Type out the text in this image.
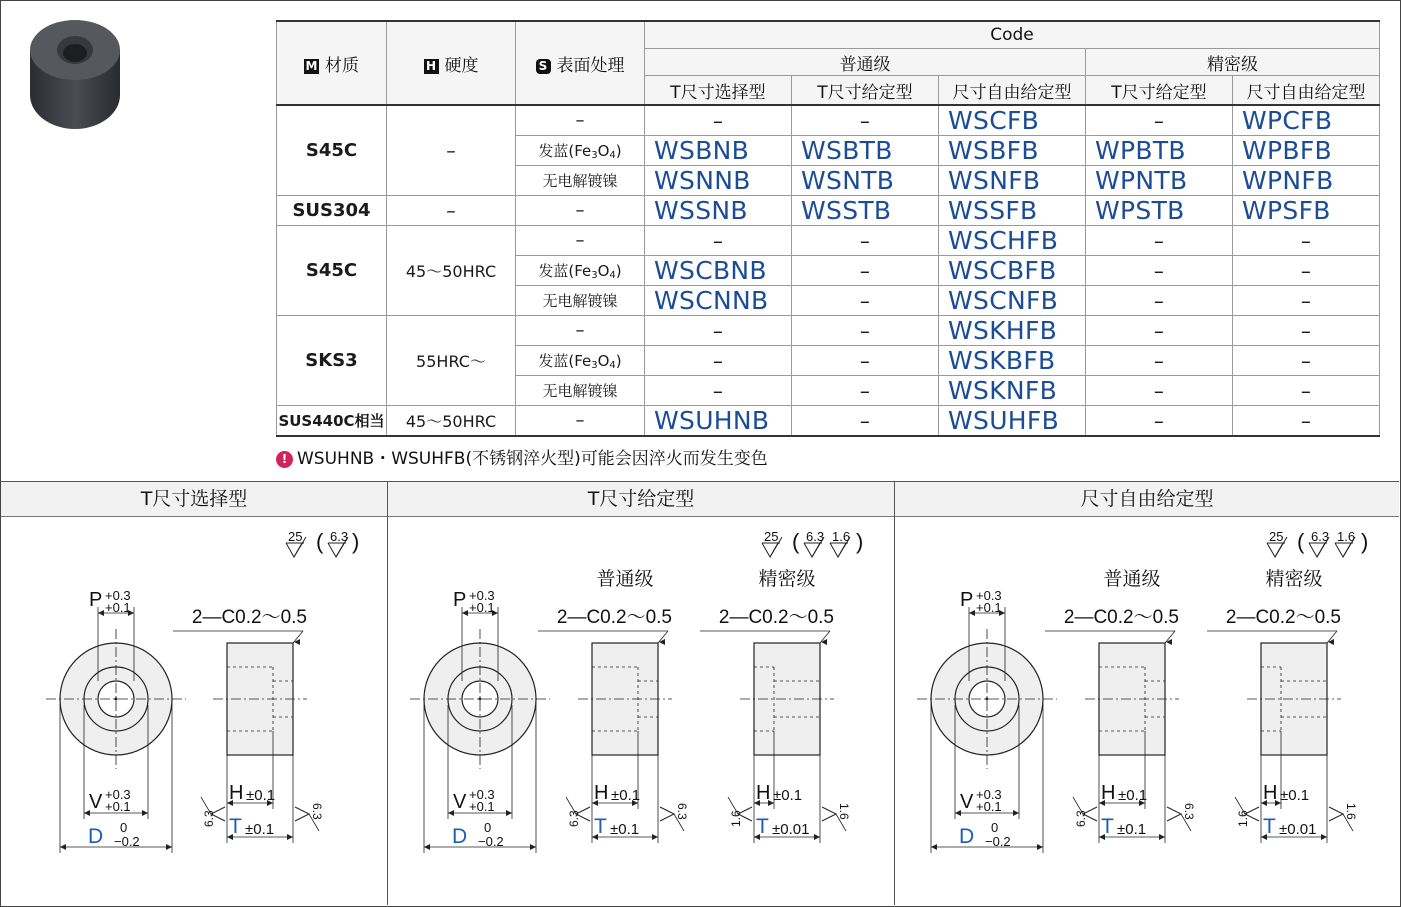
M 材质	H 硬度	S 表面处理	Code				
			普通级			精密级	
			T尺寸选择型	T尺寸给定型	尺寸自由给定型	T尺寸给定型	尺寸自由给定型
S45C	–	–	–	–	WSCFB	–	WPCFB
		发蓝$(Fe_3O_4)$	WSBNB	WSBTB	WSBFB	WPBTB	WPBFB
		无电解镀镍	WSNNB	WSNTB	WSNFB	WPNTB	WPNFB
SUS304	–	–	WSSNB	WSSTB	WSSFB	WPSTB	WPSFB
S45C	45～50HRC	–	–	–	WSCHFB	–	–
		发蓝$(Fe_3O_4)$	WSCBNB	–	WSCBFB	–	–
		无电解镀镍	WSCNNB	–	WSCNFB	–	–
SKS3	55HRC～	–	–	–	WSKHFB	–	–
		发蓝$(Fe_3O_4)$	–	–	WSKBFB	–	–
		无电解镀镍	–	–	WSKNFB	–	–
SUS440C相当	45～50HRC	–	WSUHNB	–	WSUHFB	–	–
! WSUHNB・WSUHFB(不锈钢淬火型)可能会因淬火而发生变色
T尺寸选择型
25 ( 6.3 )
P +0.3
+0.1
V +0.3
+0.1
D 0
−0.2
2—C0.2～0.5
H ±0.1
T ±0.1
6.3	6.3
T尺寸给定型
25 ( 6.3 1.6 )
P +0.3
+0.1
V +0.3
+0.1
D 0
−0.2
普通级	精密级
2—C0.2～0.5
H ±0.1
T ±0.1
6.3	6.3
2—C0.2～0.5
H ±0.1
T ±0.01
1.6	1.6
尺寸自由给定型
25 ( 6.3 1.6 )
P +0.3
+0.1
V +0.3
+0.1
D 0
−0.2
普通级	精密级
2—C0.2～0.5
H ±0.1
T ±0.1
6.3	6.3
2—C0.2～0.5
H ±0.1
T ±0.01
1.6	1.6
